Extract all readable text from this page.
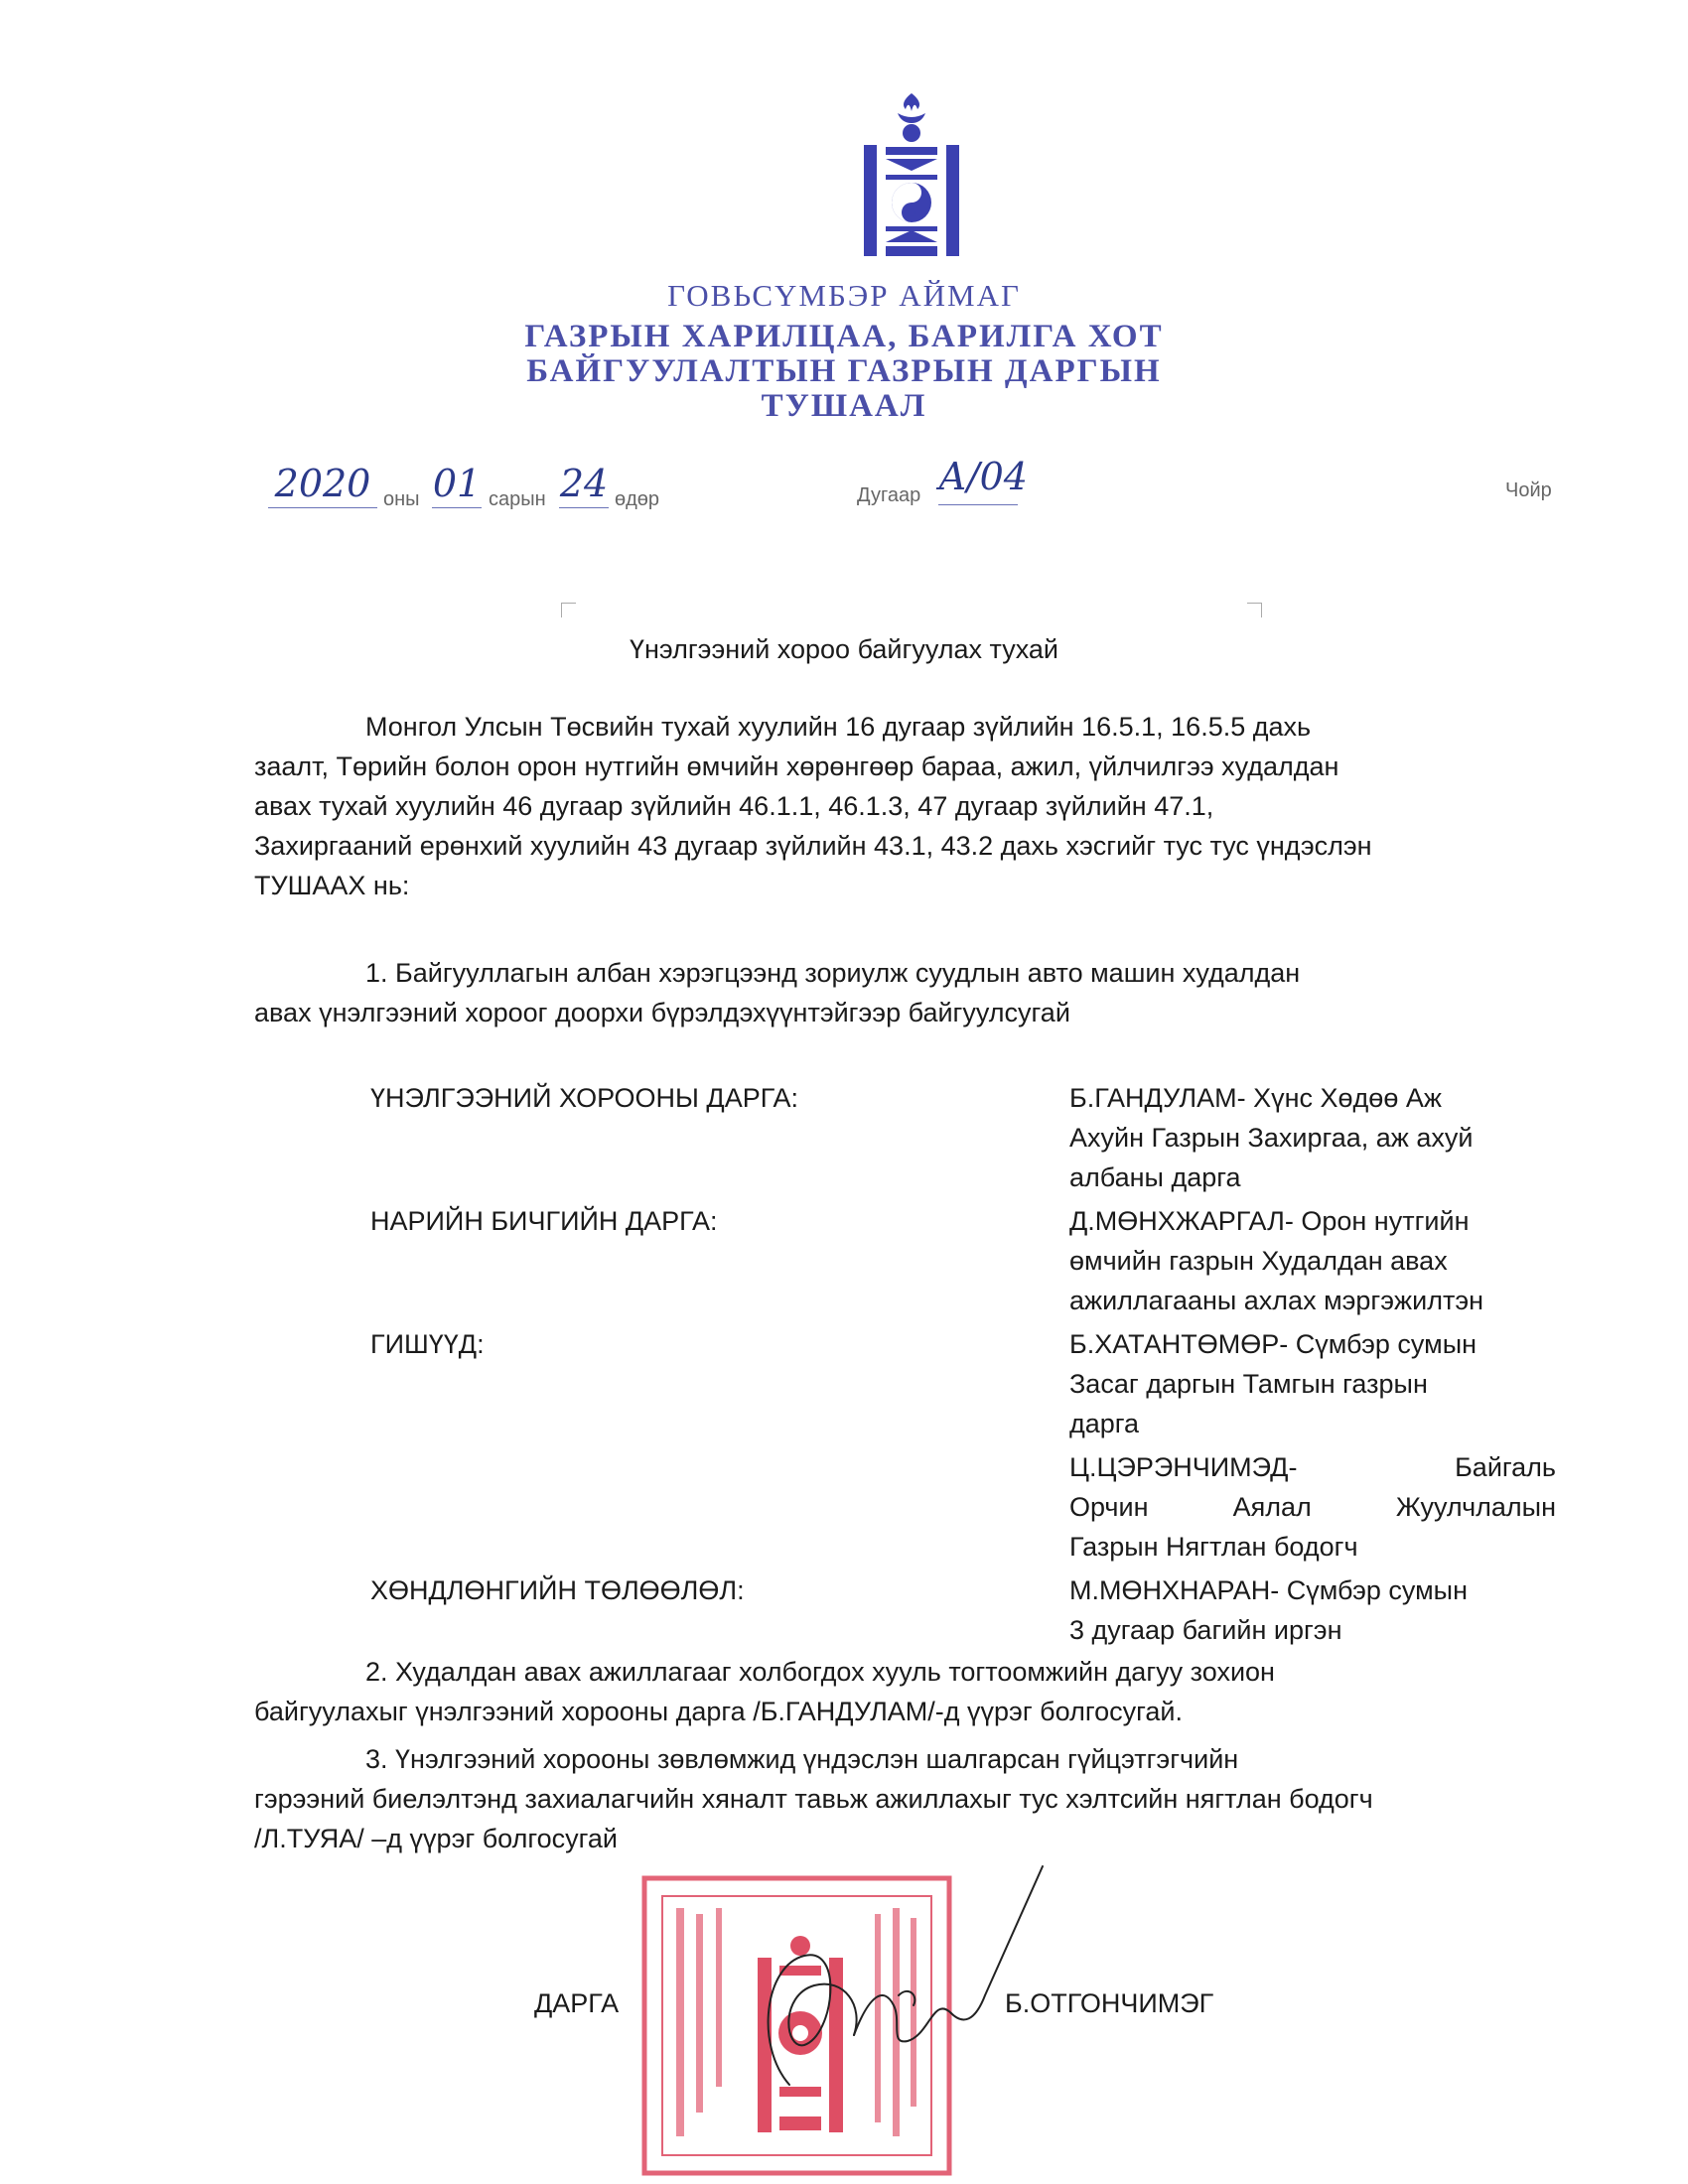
ГОВЬСҮМБЭР АЙМАГ
ГАЗРЫН ХАРИЛЦАА, БАРИЛГА ХОТ
БАЙГУУЛАЛТЫН ГАЗРЫН ДАРГЫН
ТУШААЛ
2020 оны 01 сарын 24 өдөр	Дугаар А/04	Чойр
Үнэлгээний хороо байгуулах тухай

Монгол Улсын Төсвийн тухай хуулийн 16 дугаар зүйлийн 16.5.1, 16.5.5 дахь

заалт, Төрийн болон орон нутгийн өмчийн хөрөнгөөр бараа, ажил, үйлчилгээ худалдан

авах тухай хуулийн 46 дугаар зүйлийн 46.1.1, 46.1.3, 47 дугаар зүйлийн 47.1,

Захиргааний ерөнхий хуулийн 43 дугаар зүйлийн 43.1, 43.2 дахь хэсгийг тус тус үндэслэн

ТУШААХ нь:

1. Байгууллагын албан хэрэгцээнд зориулж суудлын авто машин худалдан

авах үнэлгээний хороог доорхи бүрэлдэхүүнтэйгээр байгуулсугай

ҮНЭЛГЭЭНИЙ ХОРООНЫ ДАРГА:	Б.ГАНДУЛАМ- Хүнс Хөдөө Аж
Ахуйн Газрын Захиргаа, аж ахуй
албаны дарга
НАРИЙН БИЧГИЙН ДАРГА:	Д.МӨНХЖАРГАЛ- Орон нутгийн
өмчийн газрын Худалдан авах
ажиллагааны ахлах мэргэжилтэн
ГИШҮҮД:	Б.ХАТАНТӨМӨР- Сүмбэр сумын
Засаг даргын Тамгын газрын
дарга
Ц.ЦЭРЭНЧИМЭД- Байгаль
Орчин Аялал Жуулчлалын
Газрын Нягтлан бодогч
ХӨНДЛӨНГИЙН ТӨЛӨӨЛӨЛ:	М.МӨНХНАРАН- Сүмбэр сумын
3 дугаар багийн иргэн

2. Худалдан авах ажиллагааг холбогдох хууль тогтоомжийн дагуу зохион

байгуулахыг үнэлгээний хорооны дарга /Б.ГАНДУЛАМ/-д үүрэг болгосугай.

3. Үнэлгээний хорооны зөвлөмжид үндэслэн шалгарсан гүйцэтгэгчийн

гэрээний биелэлтэнд захиалагчийн хяналт тавьж ажиллахыг тус хэлтсийн нягтлан бодогч

/Л.ТУЯА/ –д үүрэг болгосугай

ДАРГА	Б.ОТГОНЧИМЭГ
